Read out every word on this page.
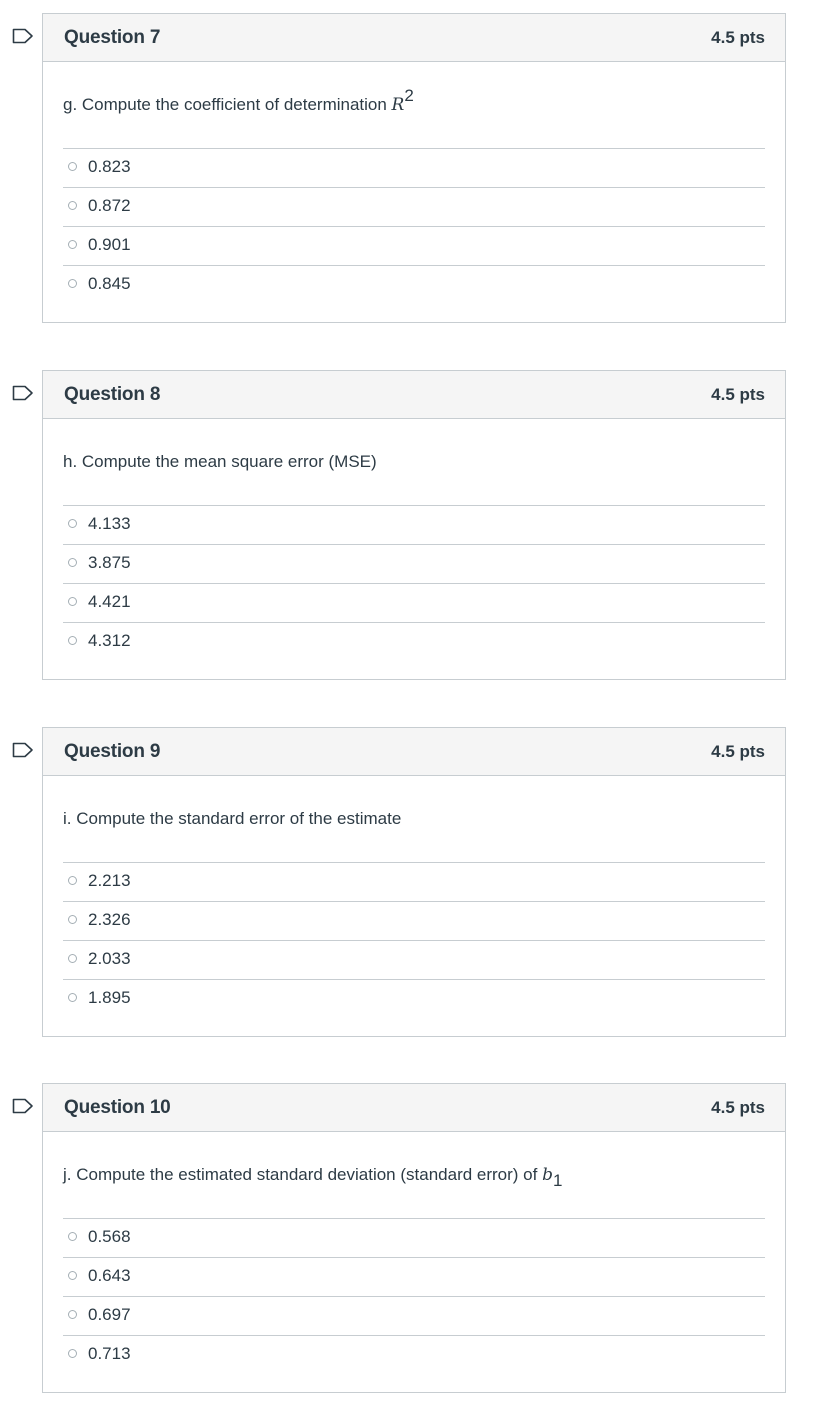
Question 7	4.5 pts
g. Compute the coefficient of determination $R^2$
0.823
0.872
0.901
0.845
Question 8	4.5 pts
h. Compute the mean square error (MSE)
4.133
3.875
4.421
4.312
Question 9	4.5 pts
i. Compute the standard error of the estimate
2.213
2.326
2.033
1.895
Question 10	4.5 pts
j. Compute the estimated standard deviation (standard error) of $b_1$
0.568
0.643
0.697
0.713
